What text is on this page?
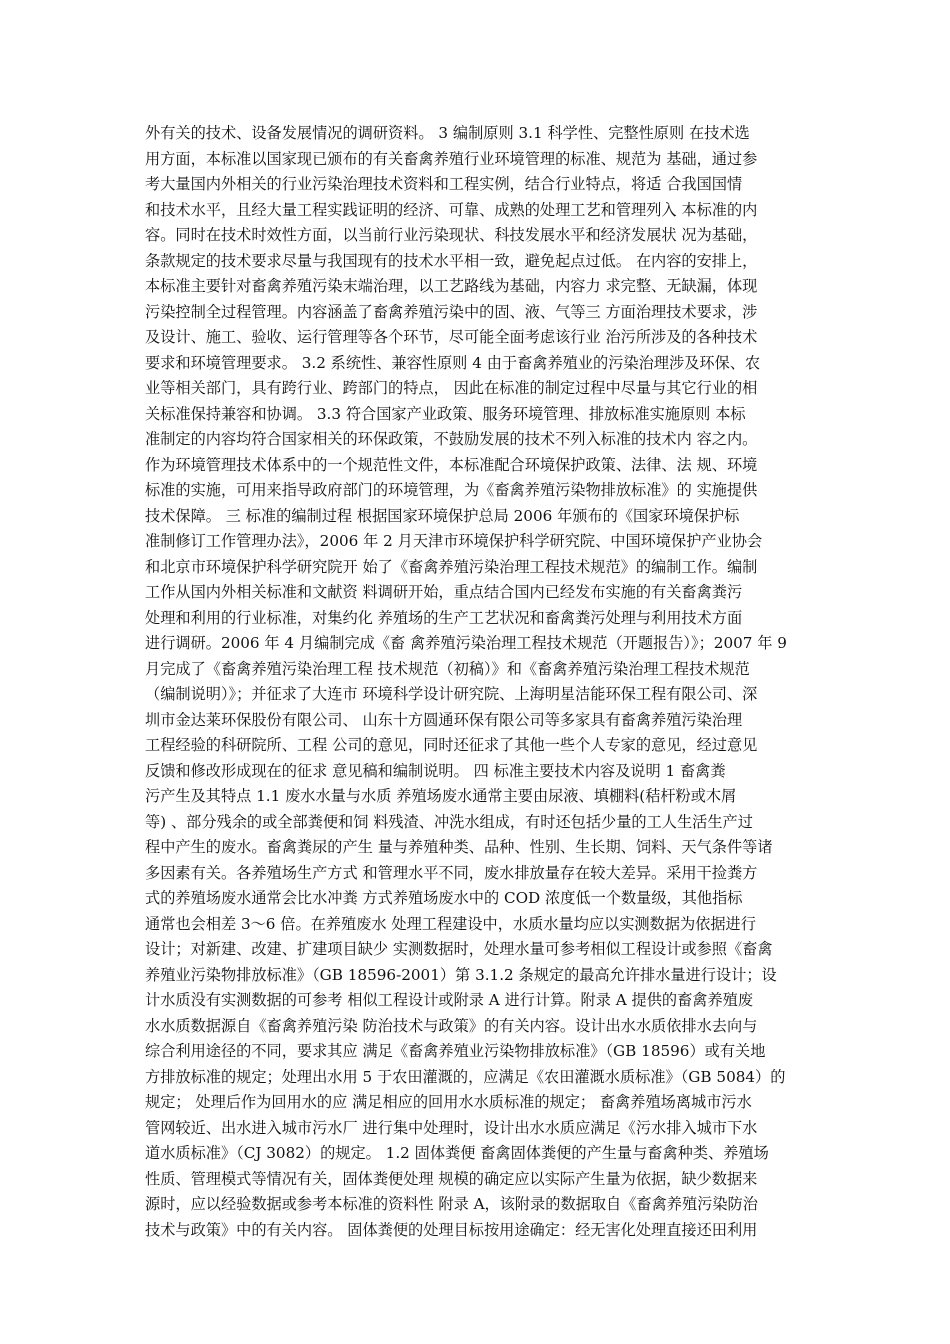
外有关的技术、设备发展情况的调研资料。 3 编制原则 3.1 科学性、完整性原则 在技术选
用方面，本标准以国家现已颁布的有关畜禽养殖行业环境管理的标准、规范为 基础，通过参
考大量国内外相关的行业污染治理技术资料和工程实例，结合行业特点，将适 合我国国情
和技术水平，且经大量工程实践证明的经济、可靠、成熟的处理工艺和管理列入 本标准的内
容。同时在技术时效性方面，以当前行业污染现状、科技发展水平和经济发展状 况为基础，
条款规定的技术要求尽量与我国现有的技术水平相一致，避免起点过低。 在内容的安排上，
本标准主要针对畜禽养殖污染末端治理，以工艺路线为基础，内容力 求完整、无缺漏，体现
污染控制全过程管理。内容涵盖了畜禽养殖污染中的固、液、气等三 方面治理技术要求，涉
及设计、施工、验收、运行管理等各个环节，尽可能全面考虑该行业 治污所涉及的各种技术
要求和环境管理要求。 3.2 系统性、兼容性原则 4 由于畜禽养殖业的污染治理涉及环保、农
业等相关部门，具有跨行业、跨部门的特点， 因此在标准的制定过程中尽量与其它行业的相
关标准保持兼容和协调。 3.3 符合国家产业政策、服务环境管理、排放标准实施原则 本标
准制定的内容均符合国家相关的环保政策，不鼓励发展的技术不列入标准的技术内 容之内。
作为环境管理技术体系中的一个规范性文件，本标准配合环境保护政策、法律、法 规、环境
标准的实施，可用来指导政府部门的环境管理，为《畜禽养殖污染物排放标准》的 实施提供
技术保障。 三 标准的编制过程 根据国家环境保护总局 2006 年颁布的《国家环境保护标
准制修订工作管理办法》，2006 年 2 月天津市环境保护科学研究院、中国环境保护产业协会
和北京市环境保护科学研究院开 始了《畜禽养殖污染治理工程技术规范》的编制工作。编制
工作从国内外相关标准和文献资 料调研开始，重点结合国内已经发布实施的有关畜禽粪污
处理和利用的行业标准，对集约化 养殖场的生产工艺状况和畜禽粪污处理与利用技术方面
进行调研。2006 年 4 月编制完成《畜 禽养殖污染治理工程技术规范（开题报告）》；2007 年 9
月完成了《畜禽养殖污染治理工程 技术规范（初稿）》和《畜禽养殖污染治理工程技术规范
（编制说明）》；并征求了大连市 环境科学设计研究院、上海明星洁能环保工程有限公司、深
圳市金达莱环保股份有限公司、 山东十方圆通环保有限公司等多家具有畜禽养殖污染治理
工程经验的科研院所、工程 公司的意见，同时还征求了其他一些个人专家的意见，经过意见
反馈和修改形成现在的征求 意见稿和编制说明。 四 标准主要技术内容及说明 1 畜禽粪
污产生及其特点 1.1 废水水量与水质 养殖场废水通常主要由尿液、填棚料(秸杆粉或木屑
等) 、部分残余的或全部粪便和饲 料残渣、冲洗水组成，有时还包括少量的工人生活生产过
程中产生的废水。畜禽粪尿的产生 量与养殖种类、品种、性别、生长期、饲料、天气条件等诸
多因素有关。各养殖场生产方式 和管理水平不同，废水排放量存在较大差异。采用干捡粪方
式的养殖场废水通常会比水冲粪 方式养殖场废水中的 COD 浓度低一个数量级，其他指标
通常也会相差 3～6 倍。在养殖废水 处理工程建设中，水质水量均应以实测数据为依据进行
设计；对新建、改建、扩建项目缺少 实测数据时，处理水量可参考相似工程设计或参照《畜禽
养殖业污染物排放标准》（GB 18596-2001）第 3.1.2 条规定的最高允许排水量进行设计；设
计水质没有实测数据的可参考 相似工程设计或附录 A 进行计算。附录 A 提供的畜禽养殖废
水水质数据源自《畜禽养殖污染 防治技术与政策》的有关内容。设计出水水质依排水去向与
综合利用途径的不同，要求其应 满足《畜禽养殖业污染物排放标准》（GB 18596）或有关地
方排放标准的规定；处理出水用 5 于农田灌溉的，应满足《农田灌溉水质标准》（GB 5084）的
规定； 处理后作为回用水的应 满足相应的回用水水质标准的规定； 畜禽养殖场离城市污水
管网较近、出水进入城市污水厂 进行集中处理时，设计出水水质应满足《污水排入城市下水
道水质标准》（CJ 3082）的规定。 1.2 固体粪便 畜禽固体粪便的产生量与畜禽种类、养殖场
性质、管理模式等情况有关，固体粪便处理 规模的确定应以实际产生量为依据，缺少数据来
源时，应以经验数据或参考本标准的资料性 附录 A，该附录的数据取自《畜禽养殖污染防治
技术与政策》中的有关内容。 固体粪便的处理目标按用途确定：经无害化处理直接还田利用
